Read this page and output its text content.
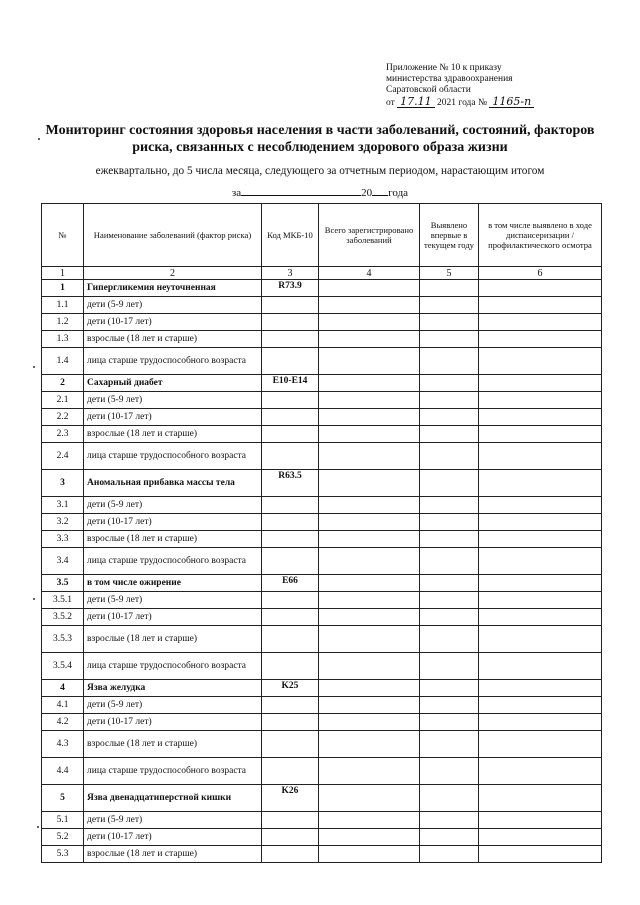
Приложение № 10 к приказу
министерства здравоохранения
Саратовской области
от 17.11 2021 года № 1165-п
Мониторинг состояния здоровья населения в части заболеваний, состояний, факторов риска, связанных с несоблюдением здорового образа жизни
ежеквартально, до 5 числа месяца, следующего за отчетным периодом, нарастающим итогом
за	20 года
№	Наименование заболеваний (фактор риска)	Код МКБ-10	Всего зарегистрировано заболеваний	Выявлено впервые в текущем году	в том числе выявлено в ходе диспансеризации / профилактического осмотра
1	2	3	4	5	6
1	Гипергликемия неуточненная	R73.9			
1.1	дети (5-9 лет)				
1.2	дети (10-17 лет)				
1.3	взрослые (18 лет и старше)				
1.4	лица старше трудоспособного возраста				
2	Сахарный диабет	E10-E14			
2.1	дети (5-9 лет)				
2.2	дети (10-17 лет)				
2.3	взрослые (18 лет и старше)				
2.4	лица старше трудоспособного возраста				
3	Аномальная прибавка массы тела	R63.5			
3.1	дети (5-9 лет)				
3.2	дети (10-17 лет)				
3.3	взрослые (18 лет и старше)				
3.4	лица старше трудоспособного возраста				
3.5	в том числе ожирение	E66			
3.5.1	дети (5-9 лет)				
3.5.2	дети (10-17 лет)				
3.5.3	взрослые (18 лет и старше)				
3.5.4	лица старше трудоспособного возраста				
4	Язва желудка	K25			
4.1	дети (5-9 лет)				
4.2	дети (10-17 лет)				
4.3	взрослые (18 лет и старше)				
4.4	лица старше трудоспособного возраста				
5	Язва двенадцатиперстной кишки	K26			
5.1	дети (5-9 лет)				
5.2	дети (10-17 лет)				
5.3	взрослые (18 лет и старше)				
